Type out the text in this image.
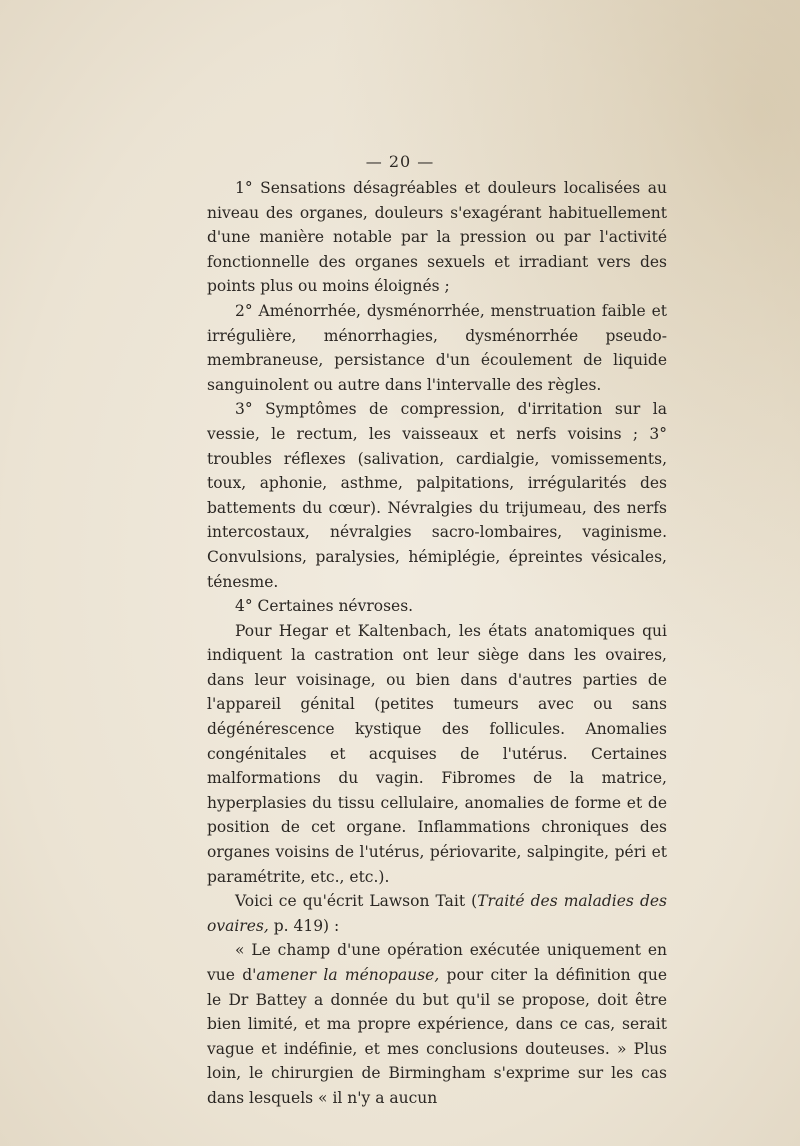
— 20 —

1° Sensations désagréables et douleurs localisées au niveau des organes, douleurs s'exagérant habituellement d'une manière notable par la pression ou par l'activité fonctionnelle des organes sexuels et irradiant vers des points plus ou moins éloignés ;

2° Aménorrhée, dysménorrhée, menstruation faible et irrégulière, ménorrhagies, dysménorrhée pseudo-membraneuse, persistance d'un écoulement de liquide sanguinolent ou autre dans l'intervalle des règles.

3° Symptômes de compression, d'irritation sur la vessie, le rectum, les vaisseaux et nerfs voisins ; 3° troubles réflexes (salivation, cardialgie, vomissements, toux, aphonie, asthme, palpitations, irrégularités des battements du cœur). Névralgies du trijumeau, des nerfs intercostaux, névralgies sacro-lombaires, vaginisme. Convulsions, paralysies, hémiplégie, épreintes vésicales, ténesme.

4° Certaines névroses.

Pour Hegar et Kaltenbach, les états anatomiques qui indiquent la castration ont leur siège dans les ovaires, dans leur voisinage, ou bien dans d'autres parties de l'appareil génital (petites tumeurs avec ou sans dégénérescence kystique des follicules. Anomalies congénitales et acquises de l'utérus. Certaines malformations du vagin. Fibromes de la matrice, hyperplasies du tissu cellulaire, anomalies de forme et de position de cet organe. Inflammations chroniques des organes voisins de l'utérus, périovarite, salpingite, péri et paramétrite, etc., etc.).

Voici ce qu'écrit Lawson Tait (Traité des maladies des ovaires, p. 419) :

« Le champ d'une opération exécutée uniquement en vue d'amener la ménopause, pour citer la définition que le Dr Battey a donnée du but qu'il se propose, doit être bien limité, et ma propre expérience, dans ce cas, serait vague et indéfinie, et mes conclusions douteuses. » Plus loin, le chirurgien de Birmingham s'exprime sur les cas dans lesquels « il n'y a aucun
